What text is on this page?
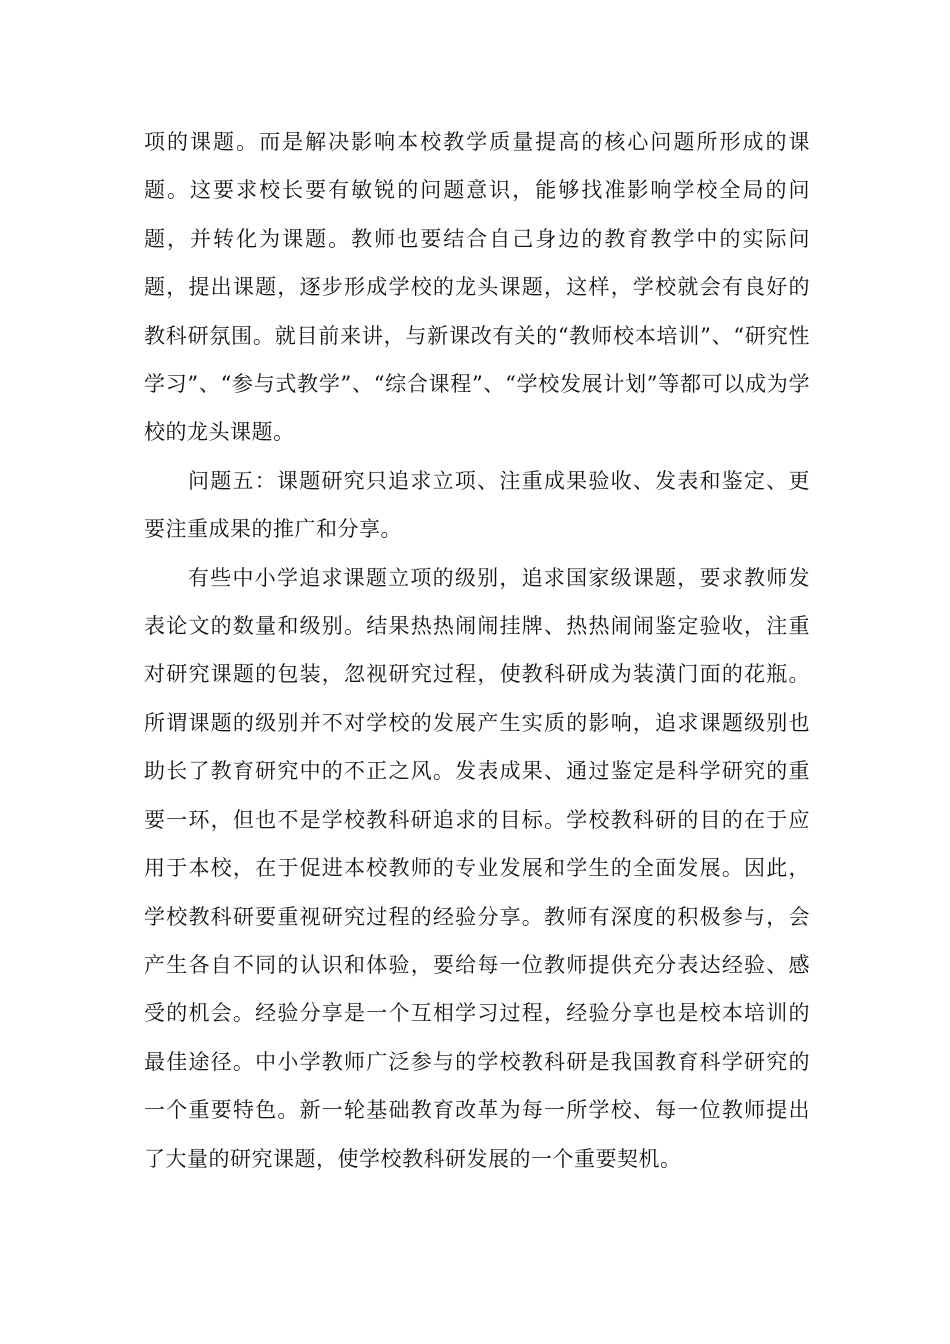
项的课题。而是解决影响本校教学质量提高的核心问题所形成的课题。这要求校长要有敏锐的问题意识，能够找准影响学校全局的问题，并转化为课题。教师也要结合自己身边的教育教学中的实际问题，提出课题，逐步形成学校的龙头课题，这样，学校就会有良好的教科研氛围。就目前来讲，与新课改有关的“教师校本培训”、“研究性学习”、“参与式教学”、“综合课程”、“学校发展计划”等都可以成为学校的龙头课题。

问题五：课题研究只追求立项、注重成果验收、发表和鉴定、更要注重成果的推广和分享。

有些中小学追求课题立项的级别，追求国家级课题，要求教师发表论文的数量和级别。结果热热闹闹挂牌、热热闹闹鉴定验收，注重对研究课题的包装，忽视研究过程，使教科研成为装潢门面的花瓶。所谓课题的级别并不对学校的发展产生实质的影响，追求课题级别也助长了教育研究中的不正之风。发表成果、通过鉴定是科学研究的重要一环，但也不是学校教科研追求的目标。学校教科研的目的在于应用于本校，在于促进本校教师的专业发展和学生的全面发展。因此，学校教科研要重视研究过程的经验分享。教师有深度的积极参与，会产生各自不同的认识和体验，要给每一位教师提供充分表达经验、感受的机会。经验分享是一个互相学习过程，经验分享也是校本培训的最佳途径。中小学教师广泛参与的学校教科研是我国教育科学研究的一个重要特色。新一轮基础教育改革为每一所学校、每一位教师提出了大量的研究课题，使学校教科研发展的一个重要契机。
